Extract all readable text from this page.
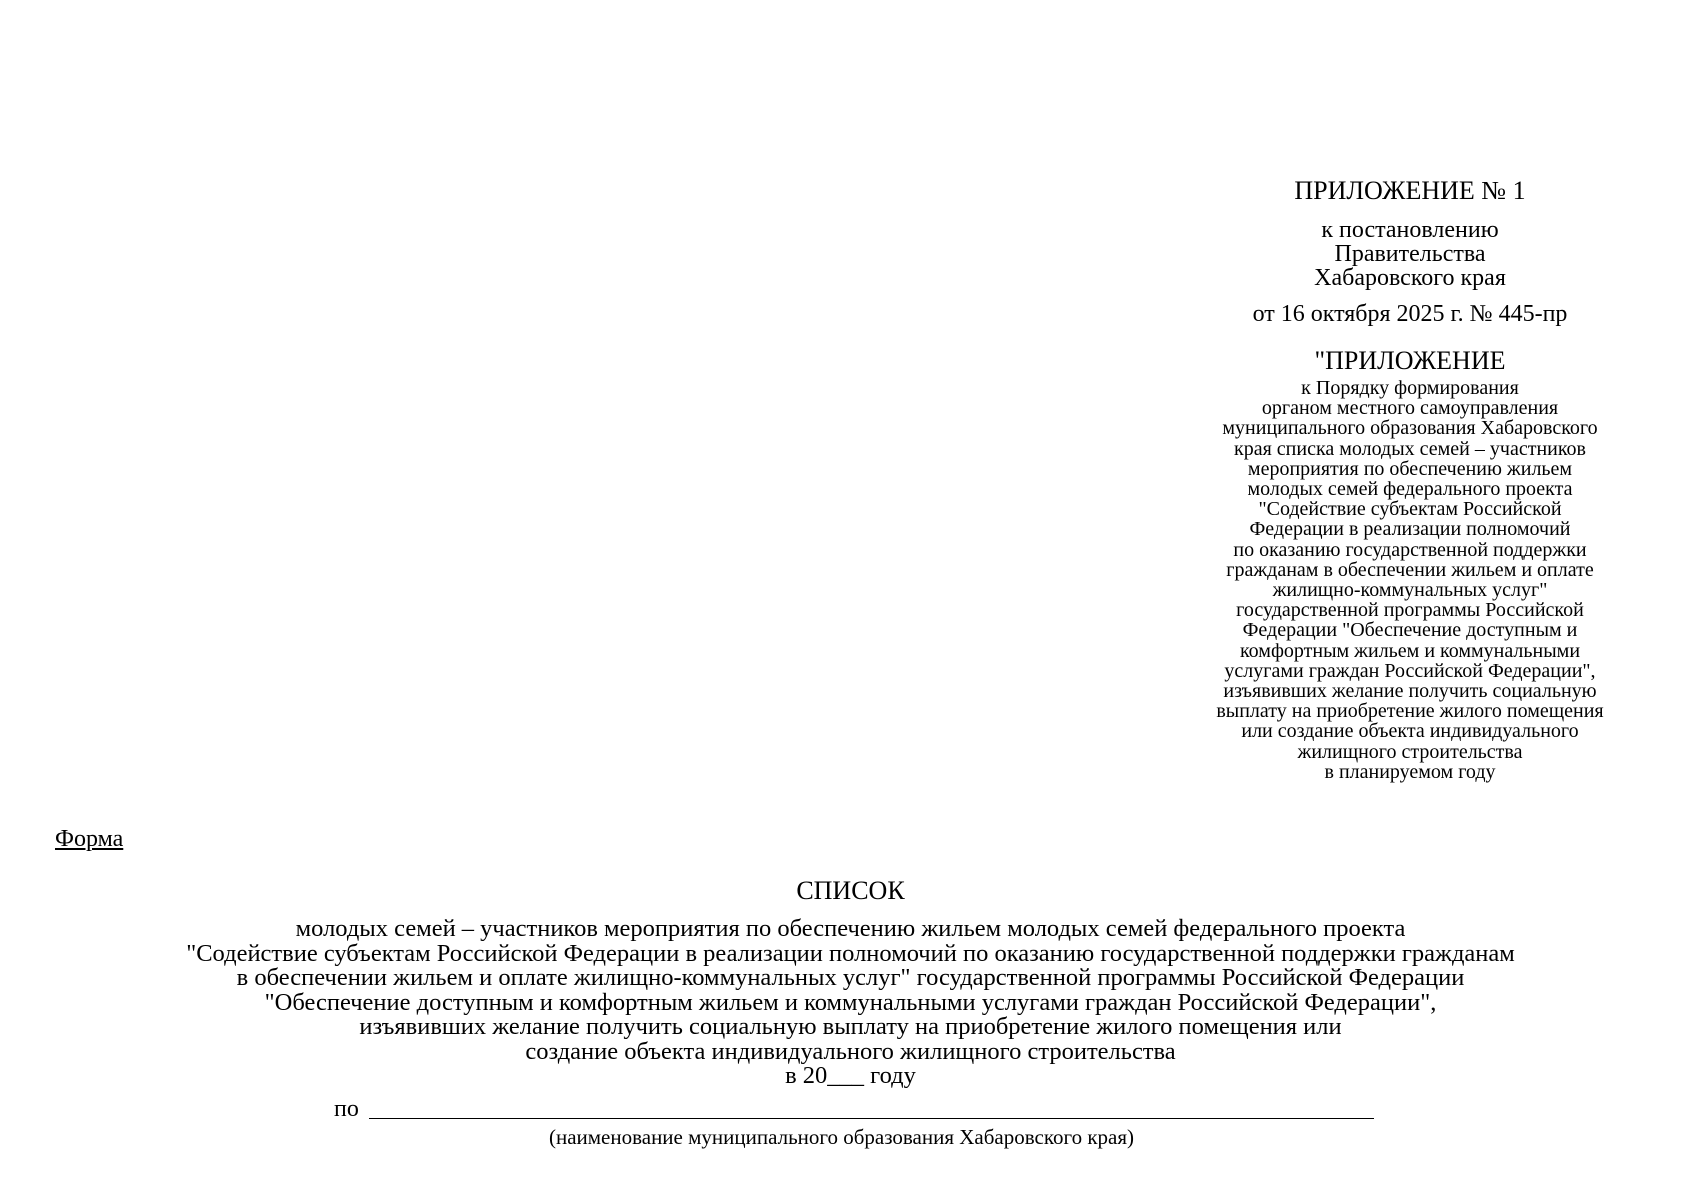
ПРИЛОЖЕНИЕ № 1
к постановлению
Правительства
Хабаровского края
от 16 октября 2025 г. № 445-пр
"ПРИЛОЖЕНИЕ
к Порядку формирования
органом местного самоуправления
муниципального образования Хабаровского
края списка молодых семей – участников
мероприятия по обеспечению жильем
молодых семей федерального проекта
"Содействие субъектам Российской
Федерации в реализации полномочий
по оказанию государственной поддержки
гражданам в обеспечении жильем и оплате
жилищно-коммунальных услуг"
государственной программы Российской
Федерации "Обеспечение доступным и
комфортным жильем и коммунальными
услугами граждан Российской Федерации",
изъявивших желание получить социальную
выплату на приобретение жилого помещения
или создание объекта индивидуального
жилищного строительства
в планируемом году
Форма
СПИСОК
молодых семей – участников мероприятия по обеспечению жильем молодых семей федерального проекта
"Содействие субъектам Российской Федерации в реализации полномочий по оказанию государственной поддержки гражданам
в обеспечении жильем и оплате жилищно-коммунальных услуг" государственной программы Российской Федерации
"Обеспечение доступным и комфортным жильем и коммунальными услугами граждан Российской Федерации",
изъявивших желание получить социальную выплату на приобретение жилого помещения или
создание объекта индивидуального жилищного строительства
в 20___ году
по
(наименование муниципального образования Хабаровского края)
